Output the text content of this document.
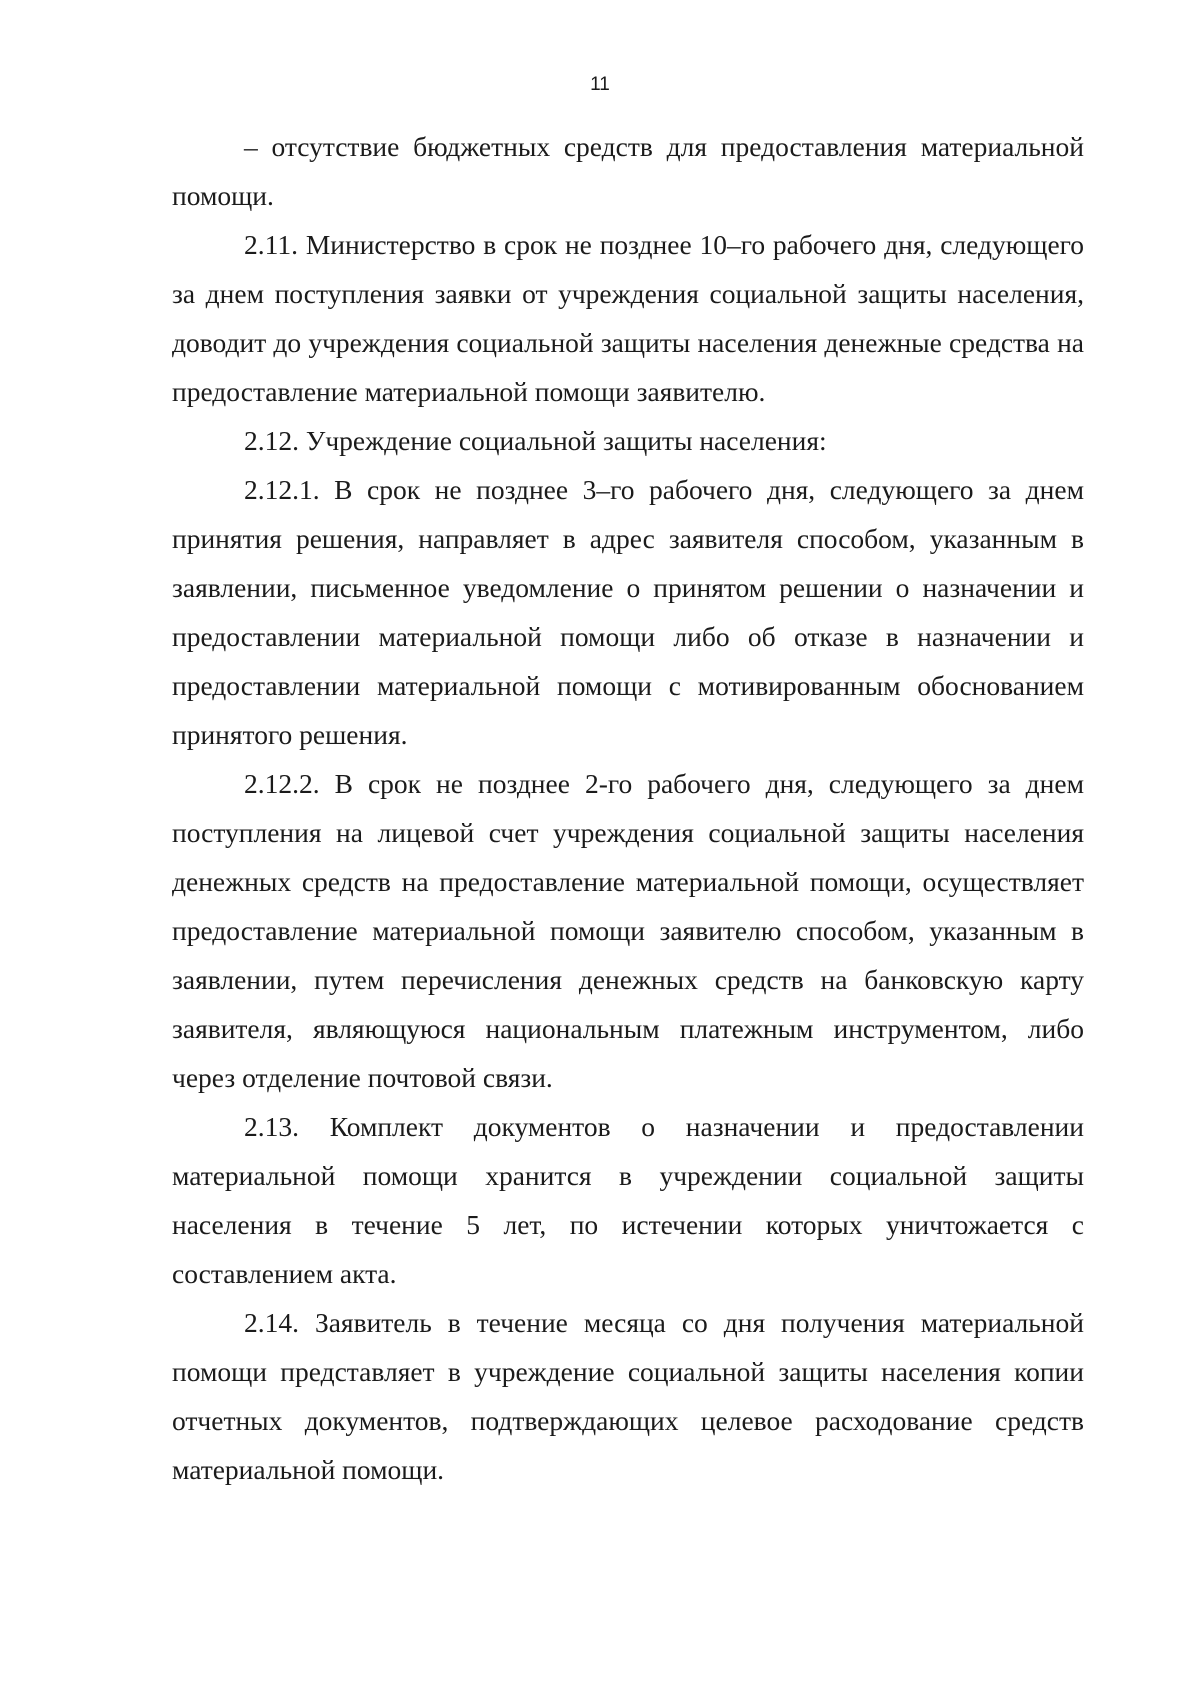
11

– отсутствие бюджетных средств для предоставления материальной помощи.

2.11. Министерство в срок не позднее 10–го рабочего дня, следующего за днем поступления заявки от учреждения социальной защиты населения, доводит до учреждения социальной защиты населения денежные средства на предоставление материальной помощи заявителю.

2.12. Учреждение социальной защиты населения:

2.12.1. В срок не позднее 3–го рабочего дня, следующего за днем принятия решения, направляет в адрес заявителя способом, указанным в заявлении, письменное уведомление о принятом решении о назначении и предоставлении материальной помощи либо об отказе в назначении и предоставлении материальной помощи с мотивированным обоснованием принятого решения.

2.12.2. В срок не позднее 2-го рабочего дня, следующего за днем поступления на лицевой счет учреждения социальной защиты населения денежных средств на предоставление материальной помощи, осуществляет предоставление материальной помощи заявителю способом, указанным в заявлении, путем перечисления денежных средств на банковскую карту заявителя, являющуюся национальным платежным инструментом, либо через отделение почтовой связи.

2.13. Комплект документов о назначении и предоставлении материальной помощи хранится в учреждении социальной защиты населения в течение 5 лет, по истечении которых уничтожается с составлением акта.

2.14. Заявитель в течение месяца со дня получения материальной помощи представляет в учреждение социальной защиты населения копии отчетных документов, подтверждающих целевое расходование средств материальной помощи.
